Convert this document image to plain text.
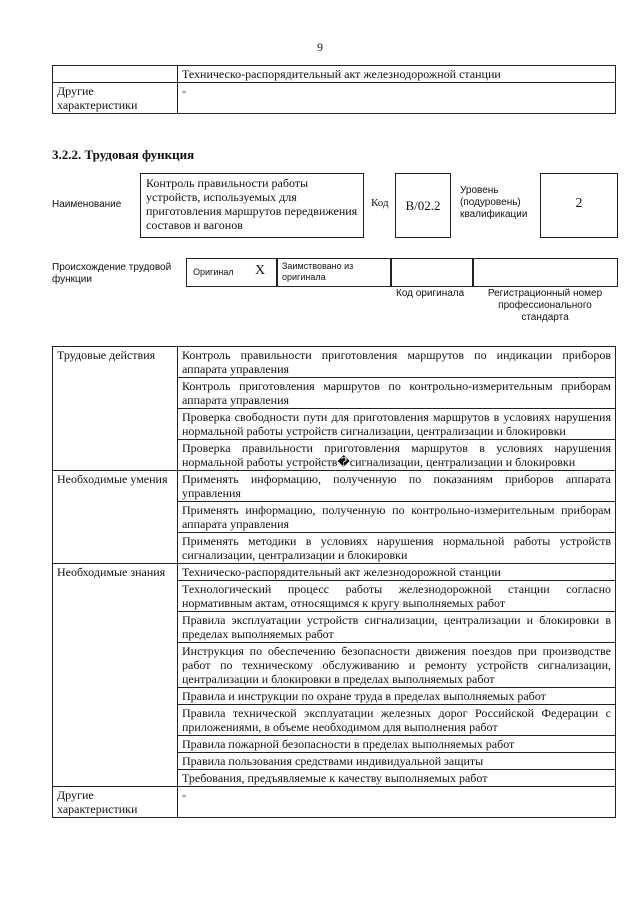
9
	Техническо-распорядительный акт железнодорожной станции
Другие характеристики	-
3.2.2. Трудовая функция
Наименование
Контроль правильности работы устройств, используемых для приготовления маршрутов передвижения составов и вагонов
Код	В/02.2
Уровень (подуровень) квалификации
2
Происхождение трудовой функции
Оригинал X	Заимствовано из оригинала
Код оригинала	Регистрационный номер профессионального стандарта
Трудовые действия	Контроль правильности приготовления маршрутов по индикации приборов аппарата управления
	Контроль приготовления маршрутов по контрольно-измерительным приборам аппарата управления
	Проверка свободности пути для приготовления маршрутов в условиях нарушения нормальной работы устройств сигнализации, централизации и блокировки
	Проверка правильности приготовления маршрутов в условиях нарушения нормальной работы устройств�сигнализации, централизации и блокировки
Необходимые умения	Применять информацию, полученную по показаниям приборов аппарата управления
	Применять информацию, полученную по контрольно-измерительным приборам аппарата управления
	Применять методики в условиях нарушения нормальной работы устройств сигнализации, централизации и блокировки
Необходимые знания	Техническо-распорядительный акт железнодорожной станции
	Технологический процесс работы железнодорожной станции согласно нормативным актам, относящимся к кругу выполняемых работ
	Правила эксплуатации устройств сигнализации, централизации и блокировки в пределах выполняемых работ
	Инструкция по обеспечению безопасности движения поездов при производстве работ по техническому обслуживанию и ремонту устройств сигнализации, централизации и блокировки в пределах выполняемых работ
	Правила и инструкции по охране труда в пределах выполняемых работ
	Правила технической эксплуатации железных дорог Российской Федерации с приложениями, в объеме необходимом для выполнения работ
	Правила пожарной безопасности в пределах выполняемых работ
	Правила пользования средствами индивидуальной защиты
	Требования, предъявляемые к качеству выполняемых работ
Другие характеристики	-
